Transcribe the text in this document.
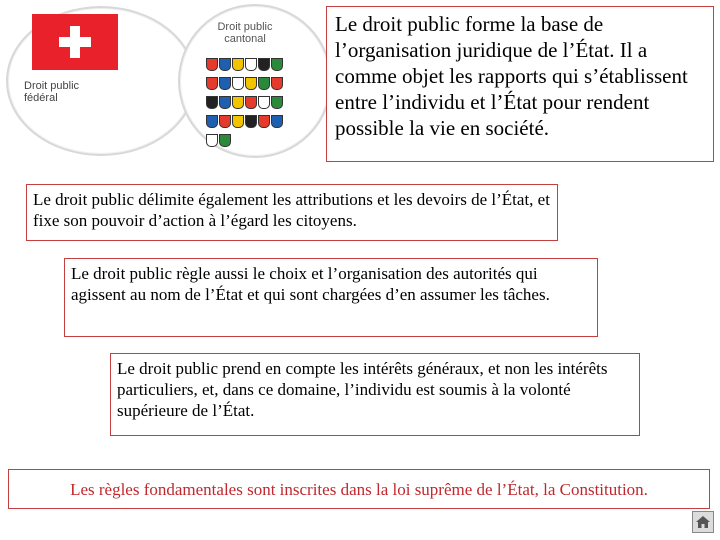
Droit public
fédéral
Droit public
cantonal
Le droit public forme la base de l’organisation juridique de l’État. Il a comme objet les rapports qui s’établissent entre l’individu et l’État pour rendent possible la vie en société.
Le droit public délimite également les attributions et les devoirs de l’État, et fixe son pouvoir d’action à l’égard les citoyens.
Le droit public règle aussi le choix et l’organisation des autorités qui agissent au nom de l’État et qui sont chargées d’en assumer les tâches.
Le droit public prend en compte les intérêts généraux, et non les intérêts particuliers, et, dans ce domaine, l’individu est soumis à la volonté supérieure de l’État.
Les règles fondamentales sont inscrites dans la loi suprême de l’État, la Constitution.
